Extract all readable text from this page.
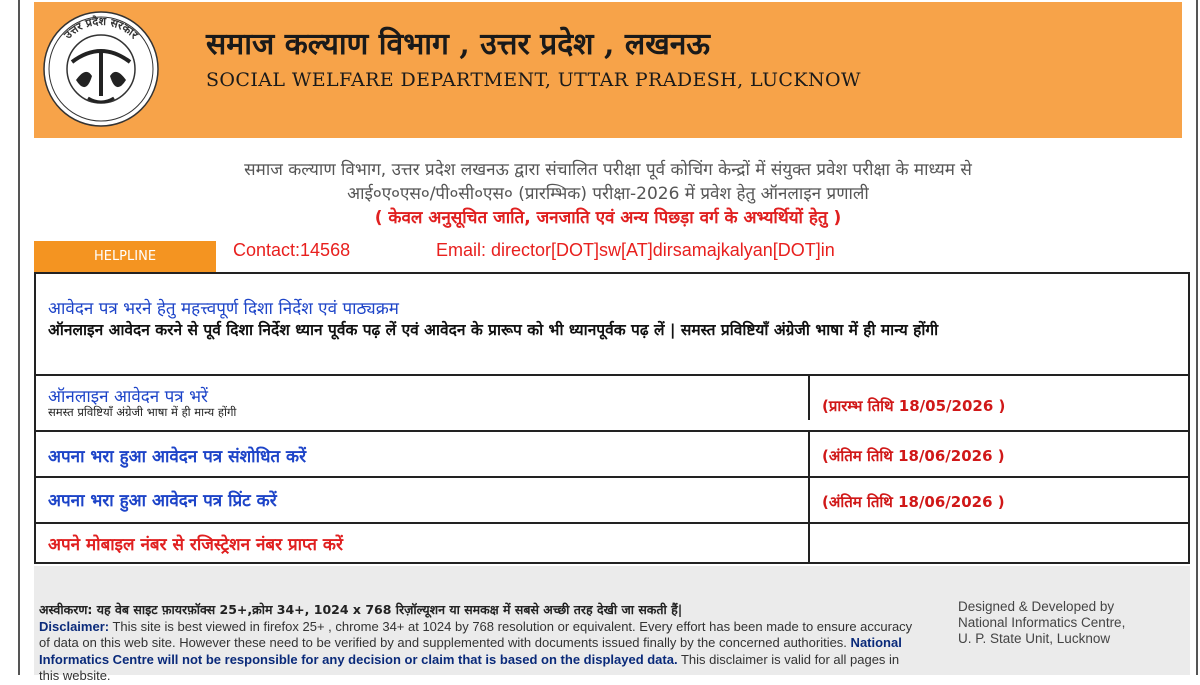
उत्तर प्रदेश सरकार समाज कल्याण विभाग , उत्तर प्रदेश , लखनऊ
SOCIAL WELFARE DEPARTMENT, UTTAR PRADESH, LUCKNOW
समाज कल्याण विभाग, उत्तर प्रदेश लखनऊ द्वारा संचालित परीक्षा पूर्व कोचिंग केन्द्रों में संयुक्त प्रवेश परीक्षा के माध्यम से
आई०ए०एस०/पी०सी०एस० (प्रारम्भिक) परीक्षा-2026 में प्रवेश हेतु ऑनलाइन प्रणाली
( केवल अनुसूचित जाति, जनजाति एवं अन्य पिछड़ा वर्ग के अभ्यर्थियों हेतु )
HELPLINE	Contact:14568	Email: director[DOT]sw[AT]dirsamajkalyan[DOT]in
आवेदन पत्र भरने हेतु महत्त्वपूर्ण दिशा निर्देश एवं पाठ्यक्रम
ऑनलाइन आवेदन करने से पूर्व दिशा निर्देश ध्यान पूर्वक पढ़ लें एवं आवेदन के प्रारूप को भी ध्यानपूर्वक पढ़ लें | समस्त प्रविष्टियाँ अंग्रेजी भाषा में ही मान्य होंगी
ऑनलाइन आवेदन पत्र भरें
समस्त प्रविष्टियाँ अंग्रेजी भाषा में ही मान्य होंगी	(प्रारम्भ तिथि 18/05/2026 )
अपना भरा हुआ आवेदन पत्र संशोधित करें	(अंतिम तिथि 18/06/2026 )
अपना भरा हुआ आवेदन पत्र प्रिंट करें	(अंतिम तिथि 18/06/2026 )
अपने मोबाइल नंबर से रजिस्ट्रेशन नंबर प्राप्त करें
अस्वीकरण: यह वेब साइट फ़ायरफ़ॉक्स 25+,क्रोम 34+, 1024 x 768 रिज़ॉल्यूशन या समकक्ष में सबसे अच्छी तरह देखी जा सकती हैं|
Disclaimer: This site is best viewed in firefox 25+ , chrome 34+ at 1024 by 768 resolution or equivalent. Every effort has been made to ensure accuracy of data on this web site. However these need to be verified by and supplemented with documents issued finally by the concerned authorities. National Informatics Centre will not be responsible for any decision or claim that is based on the displayed data. This disclaimer is valid for all pages in this website.
Designed & Developed by
National Informatics Centre,
U. P. State Unit, Lucknow
